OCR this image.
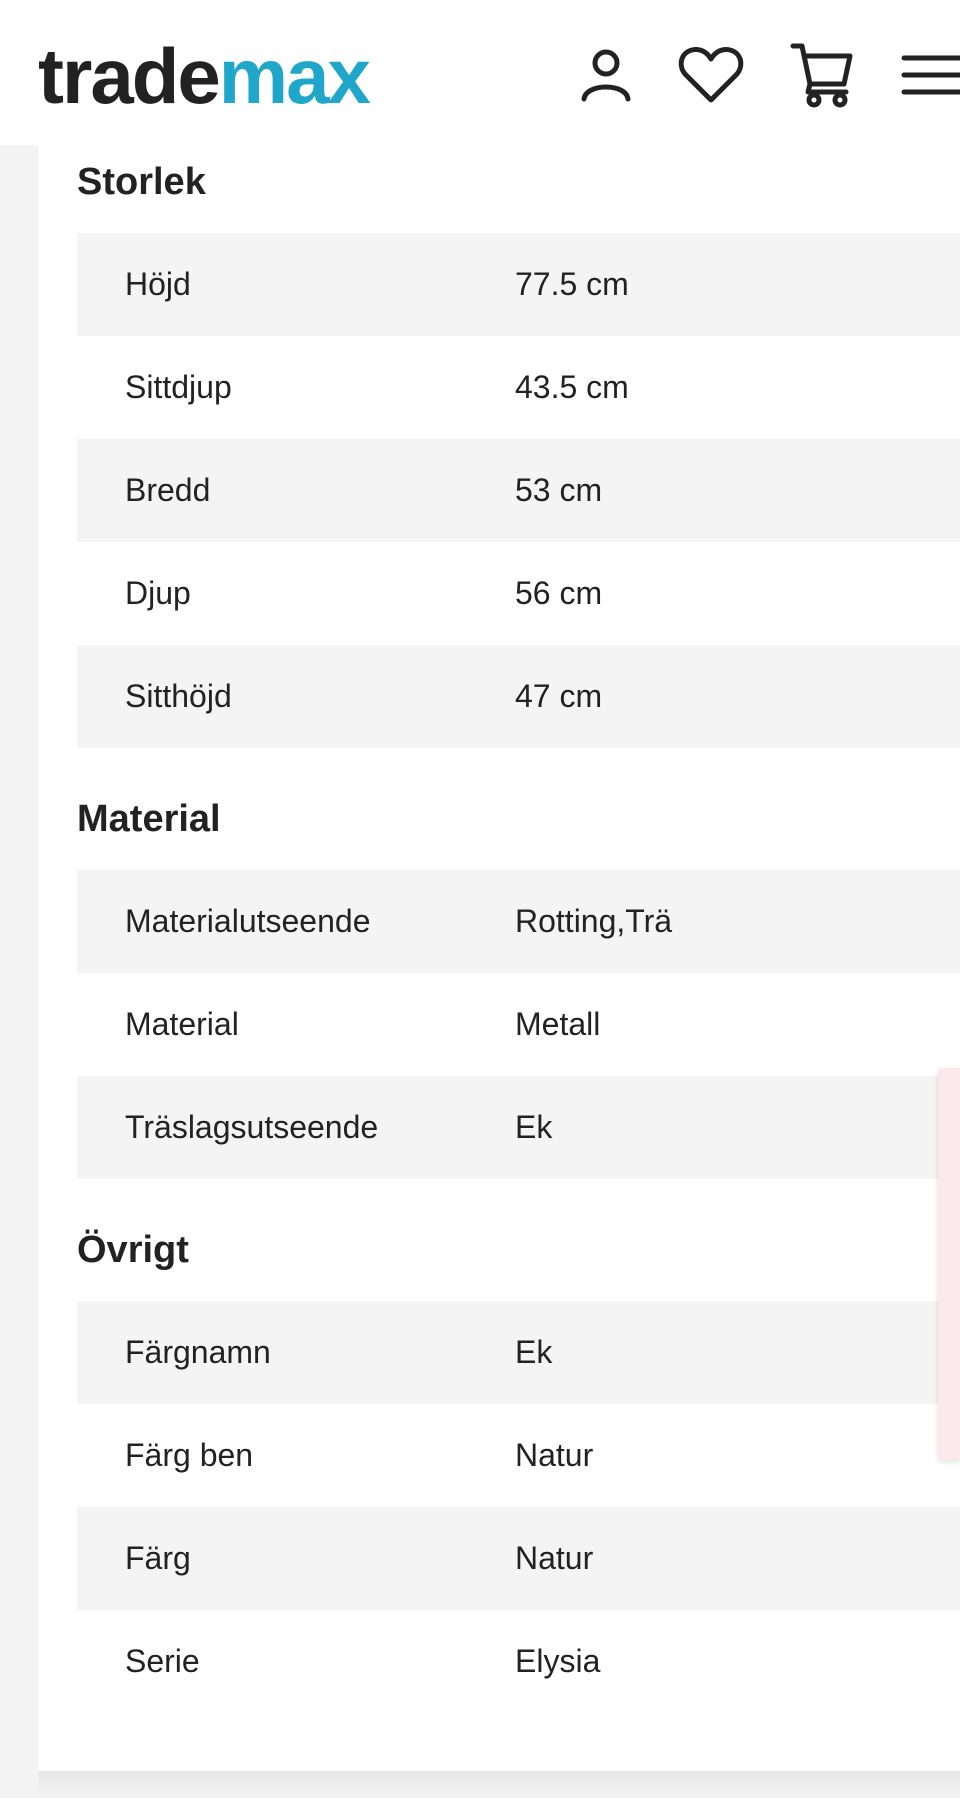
trademax
Storlek
Höjd	77.5 cm
Sittdjup	43.5 cm
Bredd	53 cm
Djup	56 cm
Sitthöjd	47 cm
Material
Materialutseende	Rotting,Trä
Material	Metall
Träslagsutseende	Ek
Övrigt
Färgnamn	Ek
Färg ben	Natur
Färg	Natur
Serie	Elysia
